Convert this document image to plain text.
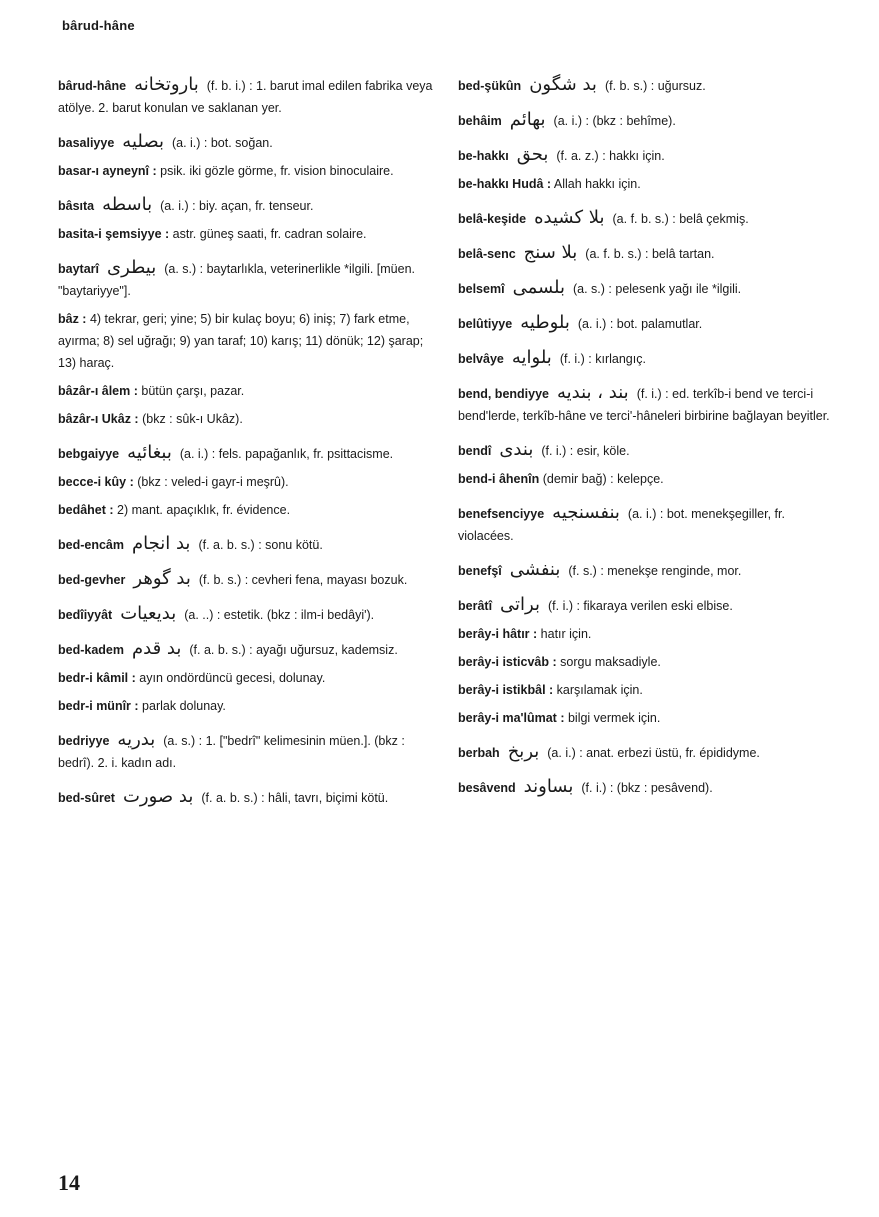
bârud-hâne
bârud-hâne باروتخانه (f. b. i.) : 1. barut imal edilen fabrika veya atölye. 2. barut konulan ve saklanan yer.
basaliyye بصليه (a. i.) : bot. soğan.
basar-ı ayneynî : psik. iki gözle görme, fr. vision binoculaire.
bâsıta باسطه (a. i.) : biy. açan, fr. tenseur.
basita-i şemsiyye : astr. güneş saati, fr. cadran solaire.
baytarî بيطرى (a. s.) : baytarlıkla, veterinerlikle *ilgili. [müen. "baytariyye"].
bâz : 4) tekrar, geri; yine; 5) bir kulaç boyu; 6) iniş; 7) fark etme, ayırma; 8) sel uğrağı; 9) yan taraf; 10) karış; 11) dönük; 12) şarap; 13) haraç.
bâzâr-ı âlem : bütün çarşı, pazar.
bâzâr-ı Ukâz : (bkz : sûk-ı Ukâz).
bebgaiyye ببغائيه (a. i.) : fels. papağanlık, fr. psittacisme.
becce-i kûy : (bkz : veled-i gayr-i meşrû).
bedâhet : 2) mant. apaçıklık, fr. évidence.
bed-encâm بد انجام (f. a. b. s.) : sonu kötü.
bed-gevher بد گوهر (f. b. s.) : cevheri fena, mayası bozuk.
bedîiyyât بديعيات (a. ..) : estetik. (bkz : ilm-i bedâyi').
bed-kadem بد قدم (f. a. b. s.) : ayağı uğursuz, kademsiz.
bedr-i kâmil : ayın ondördüncü gecesi, dolunay.
bedr-i münîr : parlak dolunay.
bedriyye بدريه (a. s.) : 1. ["bedrî" kelimesinin müen.]. (bkz : bedrî). 2. i. kadın adı.
bed-sûret بد صورت (f. a. b. s.) : hâli, tavrı, biçimi kötü.
bed-şükûn بد شگون (f. b. s.) : uğursuz.
behâim بهائم (a. i.) : (bkz : behîme).
be-hakkı بحق (f. a. z.) : hakkı için.
be-hakkı Hudâ : Allah hakkı için.
belâ-keşide بلا كشيده (a. f. b. s.) : belâ çekmiş.
belâ-senc بلا سنج (a. f. b. s.) : belâ tartan.
belsemî بلسمى (a. s.) : pelesenk yağı ile *ilgili.
belûtiyye بلوطيه (a. i.) : bot. palamutlar.
belvâye بلوايه (f. i.) : kırlangıç.
bend, bendiyye بند ، بنديه (f. i.) : ed. terkîb-i bend ve terci-i bend'lerde, terkîb-hâne ve terci'-hâneleri birbirine bağlayan beyitler.
bendî بندى (f. i.) : esir, köle.
bend-i âhenîn (demir bağ) : kelepçe.
benefsenciyye بنفسنجيه (a. i.) : bot. menekşegiller, fr. violacées.
benefşî بنفشى (f. s.) : menekşe renginde, mor.
berâtî براتى (f. i.) : fikaraya verilen eski elbise.
berây-i hâtır : hatır için.
berây-i isticvâb : sorgu maksadiyle.
berây-i istikbâl : karşılamak için.
berây-i ma'lûmat : bilgi vermek için.
berbah بربخ (a. i.) : anat. erbezi üstü, fr. épididyme.
besâvend بساوند (f. i.) : (bkz : pesâvend).
14
